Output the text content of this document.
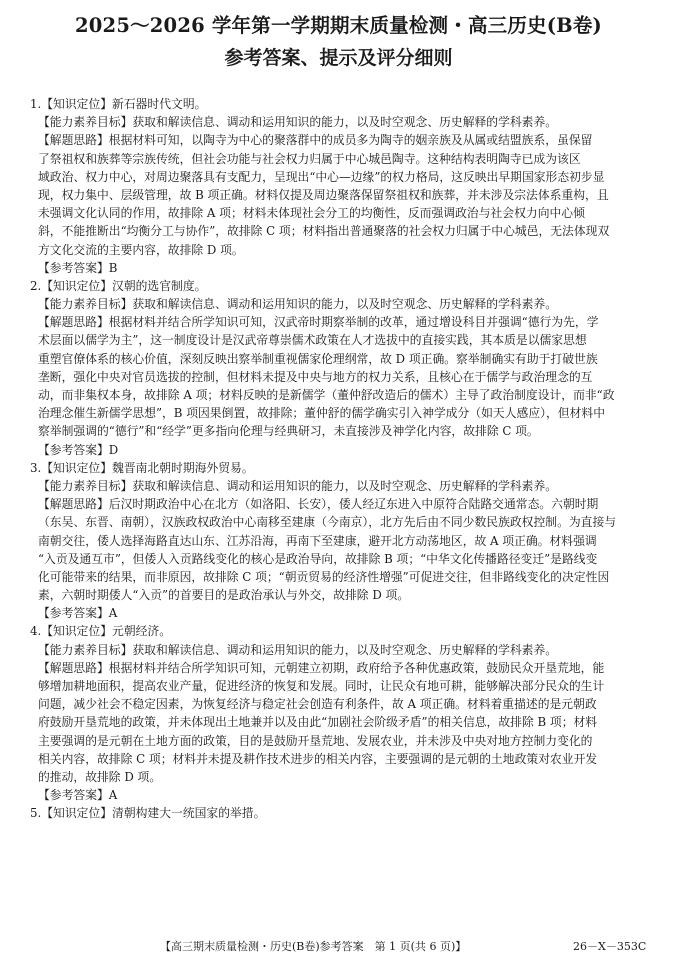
2025～2026 学年第一学期期末质量检测・高三历史(B卷)
参考答案、提示及评分细则
1.【知识定位】新石器时代文明。
【能力素养目标】获取和解读信息、调动和运用知识的能力，以及时空观念、历史解释的学科素养。
【解题思路】根据材料可知，以陶寺为中心的聚落群中的成员多为陶寺的姻亲族及从属或结盟族系，虽保留
了祭祖权和族葬等宗族传统，但社会功能与社会权力归属于中心城邑陶寺。这种结构表明陶寺已成为该区
域政治、权力中心，对周边聚落具有支配力，呈现出“中心—边缘”的权力格局，这反映出早期国家形态初步显
现，权力集中、层级管理，故 B 项正确。材料仅提及周边聚落保留祭祖权和族葬，并未涉及宗法体系重构，且
未强调文化认同的作用，故排除 A 项；材料未体现社会分工的均衡性，反而强调政治与社会权力向中心倾
斜，不能推断出“均衡分工与协作”，故排除 C 项；材料指出普通聚落的社会权力归属于中心城邑，无法体现双
方文化交流的主要内容，故排除 D 项。
【参考答案】B
2.【知识定位】汉朝的选官制度。
【能力素养目标】获取和解读信息、调动和运用知识的能力，以及时空观念、历史解释的学科素养。
【解题思路】根据材料并结合所学知识可知，汉武帝时期察举制的改革，通过增设科目并强调“德行为先，学
术层面以儒学为主”，这一制度设计是汉武帝尊崇儒术政策在人才选拔中的直接实践，其本质是以儒家思想
重塑官僚体系的核心价值，深刻反映出察举制重视儒家伦理纲常，故 D 项正确。察举制确实有助于打破世族
垄断，强化中央对官员选拔的控制，但材料未提及中央与地方的权力关系，且核心在于儒学与政治理念的互
动，而非集权本身，故排除 A 项；材料反映的是新儒学（董仲舒改造后的儒术）主导了政治制度设计，而非“政
治理念催生新儒学思想”，B 项因果倒置，故排除；董仲舒的儒学确实引入神学成分（如天人感应），但材料中
察举制强调的“德行”和“经学”更多指向伦理与经典研习，未直接涉及神学化内容，故排除 C 项。
【参考答案】D
3.【知识定位】魏晋南北朝时期海外贸易。
【能力素养目标】获取和解读信息、调动和运用知识的能力，以及时空观念、历史解释的学科素养。
【解题思路】后汉时期政治中心在北方（如洛阳、长安），倭人经辽东进入中原符合陆路交通常态。六朝时期
（东吴、东晋、南朝），汉族政权政治中心南移至建康（今南京），北方先后由不同少数民族政权控制。为直接与
南朝交往，倭人选择海路直达山东、江苏沿海，再南下至建康，避开北方动荡地区，故 A 项正确。材料强调
“入贡及通互市”，但倭人入贡路线变化的核心是政治导向，故排除 B 项；“中华文化传播路径变迁”是路线变
化可能带来的结果，而非原因，故排除 C 项；“朝贡贸易的经济性增强”可促进交往，但非路线变化的决定性因
素，六朝时期倭人“入贡”的首要目的是政治承认与外交，故排除 D 项。
【参考答案】A
4.【知识定位】元朝经济。
【能力素养目标】获取和解读信息、调动和运用知识的能力，以及时空观念、历史解释的学科素养。
【解题思路】根据材料并结合所学知识可知，元朝建立初期，政府给予各种优惠政策，鼓励民众开垦荒地，能
够增加耕地面积，提高农业产量，促进经济的恢复和发展。同时，让民众有地可耕，能够解决部分民众的生计
问题，减少社会不稳定因素，为恢复经济与稳定社会创造有利条件，故 A 项正确。材料着重描述的是元朝政
府鼓励开垦荒地的政策，并未体现出土地兼并以及由此“加剧社会阶级矛盾”的相关信息，故排除 B 项；材料
主要强调的是元朝在土地方面的政策，目的是鼓励开垦荒地、发展农业，并未涉及中央对地方控制力变化的
相关内容，故排除 C 项；材料并未提及耕作技术进步的相关内容，主要强调的是元朝的土地政策对农业开发
的推动，故排除 D 项。
【参考答案】A
5.【知识定位】清朝构建大一统国家的举措。
【高三期末质量检测・历史(B卷)参考答案　第 1 页(共 6 页)】	26－X－353C
